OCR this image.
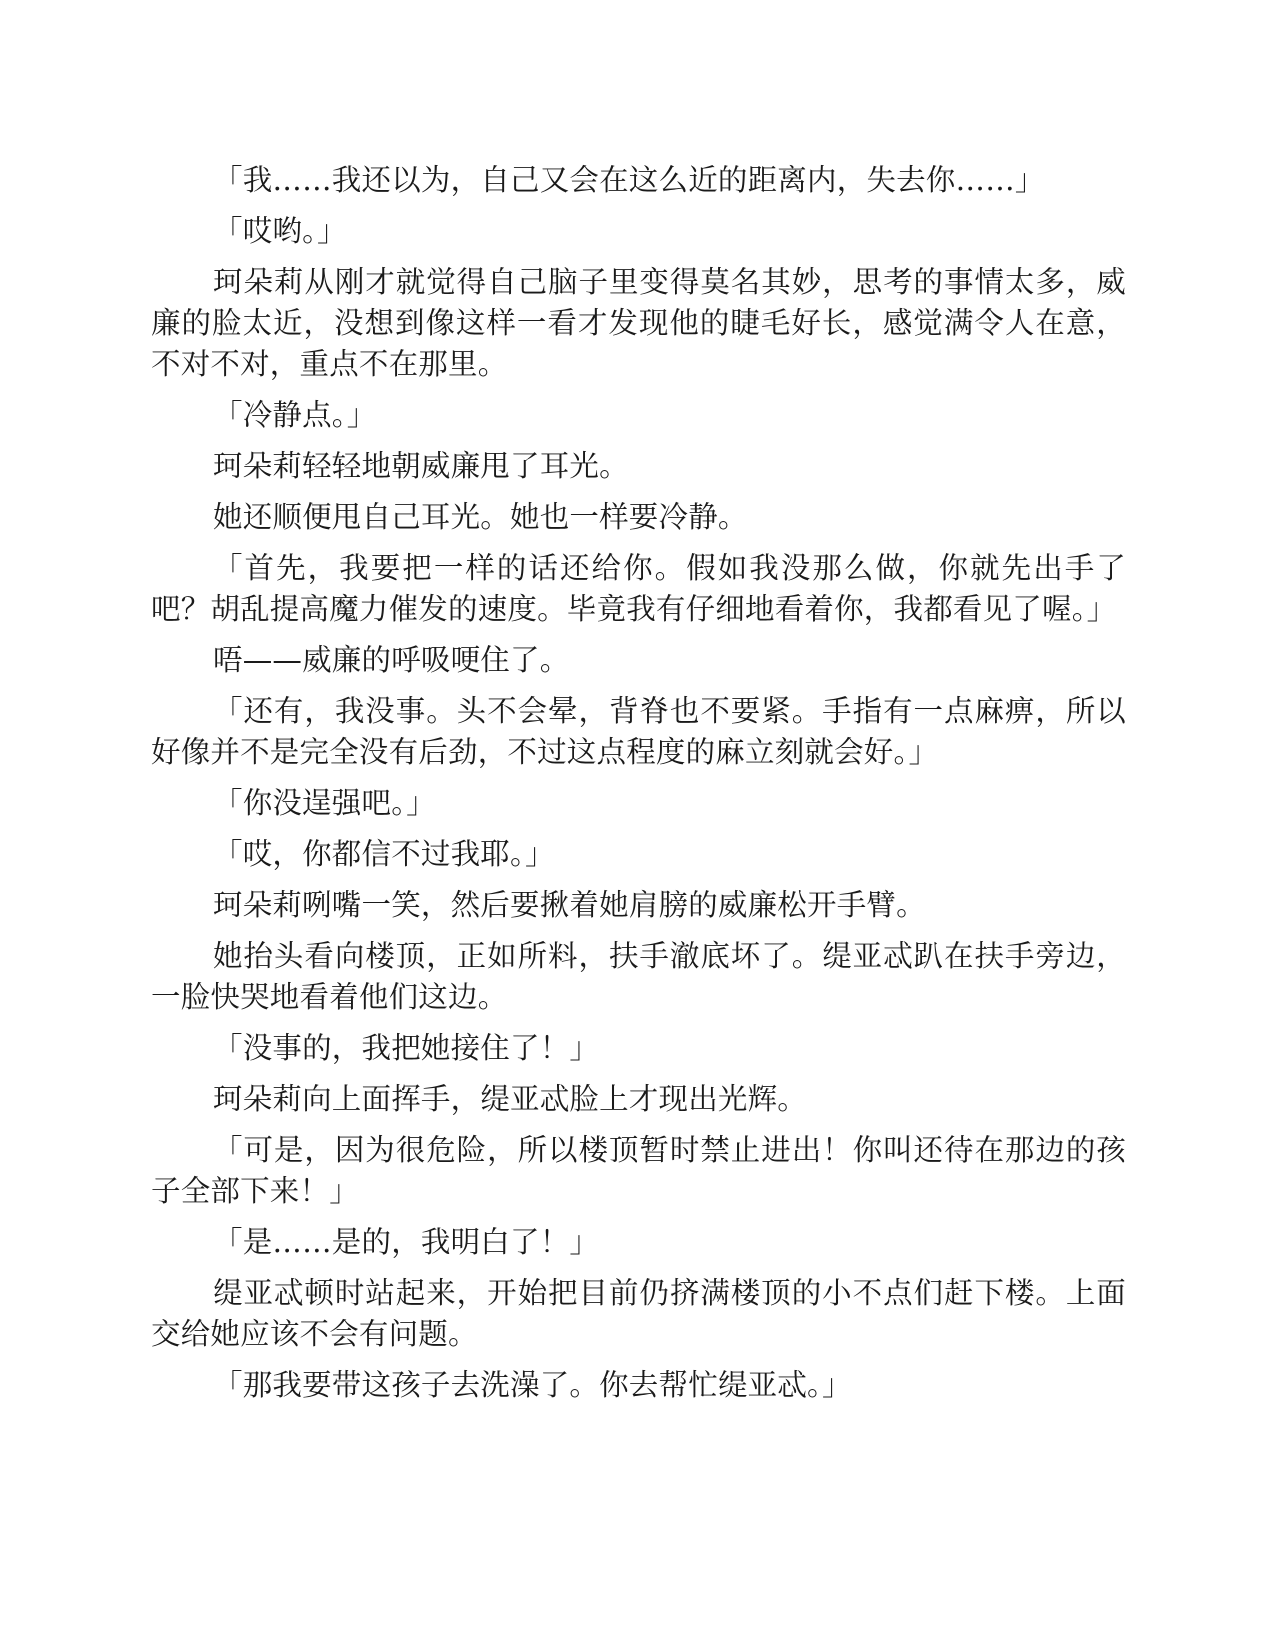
「我……我还以为，自己又会在这么近的距离内，失去你……」

「哎哟。」

珂朵莉从刚才就觉得自己脑子里变得莫名其妙，思考的事情太多，威廉的脸太近，没想到像这样一看才发现他的睫毛好长，感觉满令人在意，不对不对，重点不在那里。

「冷静点。」

珂朵莉轻轻地朝威廉甩了耳光。

她还顺便甩自己耳光。她也一样要冷静。

「首先，我要把一样的话还给你。假如我没那么做，你就先出手了吧？胡乱提高魔力催发的速度。毕竟我有仔细地看着你，我都看见了喔。」

唔——威廉的呼吸哽住了。

「还有，我没事。头不会晕，背脊也不要紧。手指有一点麻痹，所以好像并不是完全没有后劲，不过这点程度的麻立刻就会好。」

「你没逞强吧。」

「哎，你都信不过我耶。」

珂朵莉咧嘴一笑，然后要揪着她肩膀的威廉松开手臂。

她抬头看向楼顶，正如所料，扶手澈底坏了。缇亚忒趴在扶手旁边，一脸快哭地看着他们这边。

「没事的，我把她接住了！」

珂朵莉向上面挥手，缇亚忒脸上才现出光辉。

「可是，因为很危险，所以楼顶暂时禁止进出！你叫还待在那边的孩子全部下来！」

「是……是的，我明白了！」

缇亚忒顿时站起来，开始把目前仍挤满楼顶的小不点们赶下楼。上面交给她应该不会有问题。

「那我要带这孩子去洗澡了。你去帮忙缇亚忒。」
